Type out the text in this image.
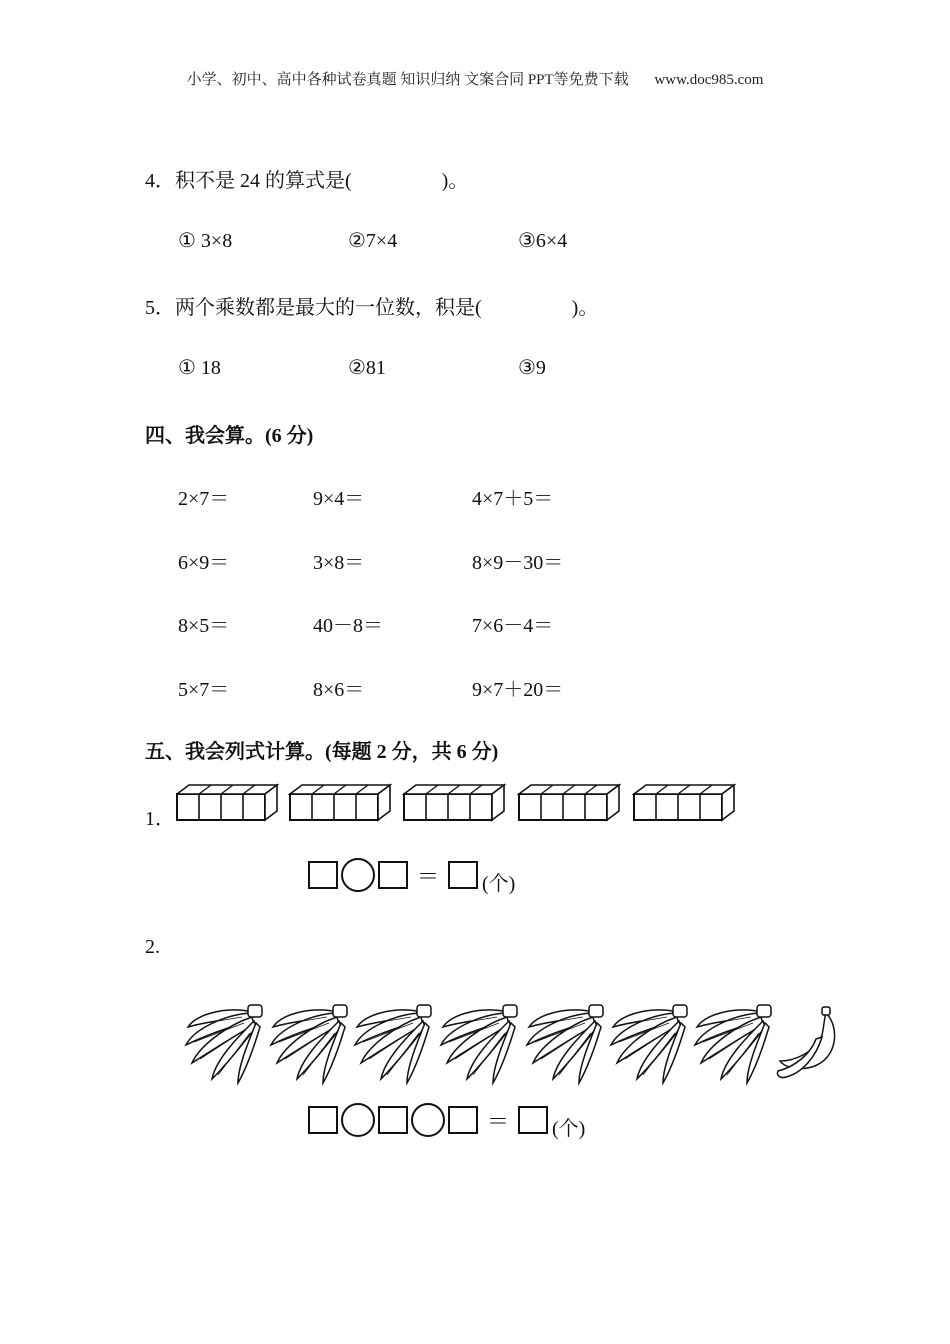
小学、初中、高中各种试卷真题 知识归纳 文案合同 PPT等免费下载 www.doc985.com
4．积不是 24 的算式是(	)。
① 3×8	②7×4	③6×4
5．两个乘数都是最大的一位数，积是(	)。
① 18	②81	③9
四、我会算。(6 分)
2×7＝	9×4＝	4×7＋5＝
6×9＝	3×8＝	8×9－30＝
8×5＝	40－8＝	7×6－4＝
5×7＝	8×6＝	9×7＋20＝
五、我会列式计算。(每题 2 分，共 6 分)
1．
＝ (个)
2.
＝ (个)
